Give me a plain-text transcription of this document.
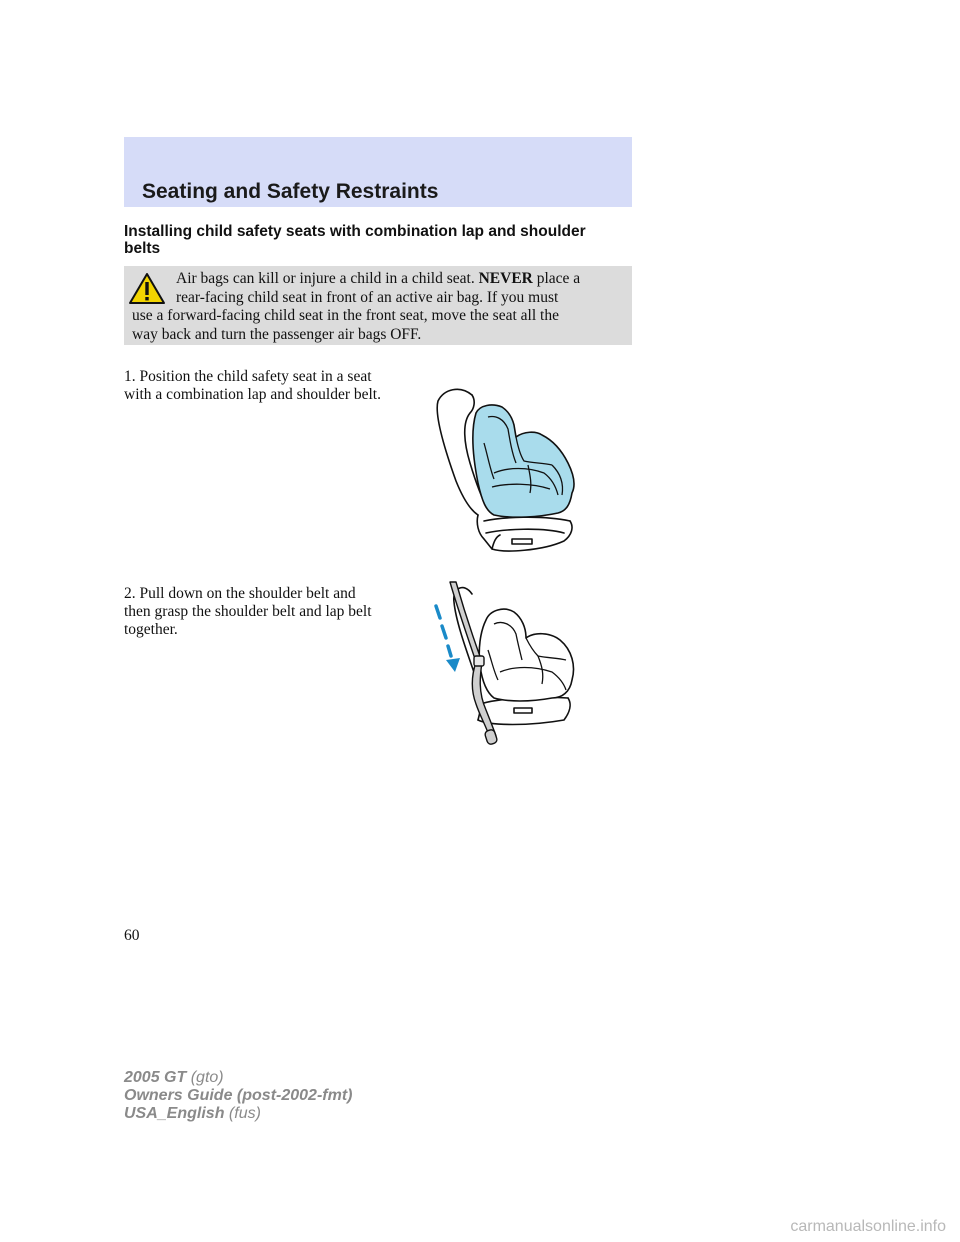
Seating and Safety Restraints
Installing child safety seats with combination lap and shoulder belts
Air bags can kill or injure a child in a child seat. NEVER place a
rear-facing child seat in front of an active air bag. If you must
use a forward-facing child seat in the front seat, move the seat all the
way back and turn the passenger air bags OFF.
1. Position the child safety seat in a seat with a combination lap and shoulder belt.
2. Pull down on the shoulder belt and then grasp the shoulder belt and lap belt together.
60
2005 GT (gto)
Owners Guide (post-2002-fmt)
USA_English (fus)
carmanualsonline.info
